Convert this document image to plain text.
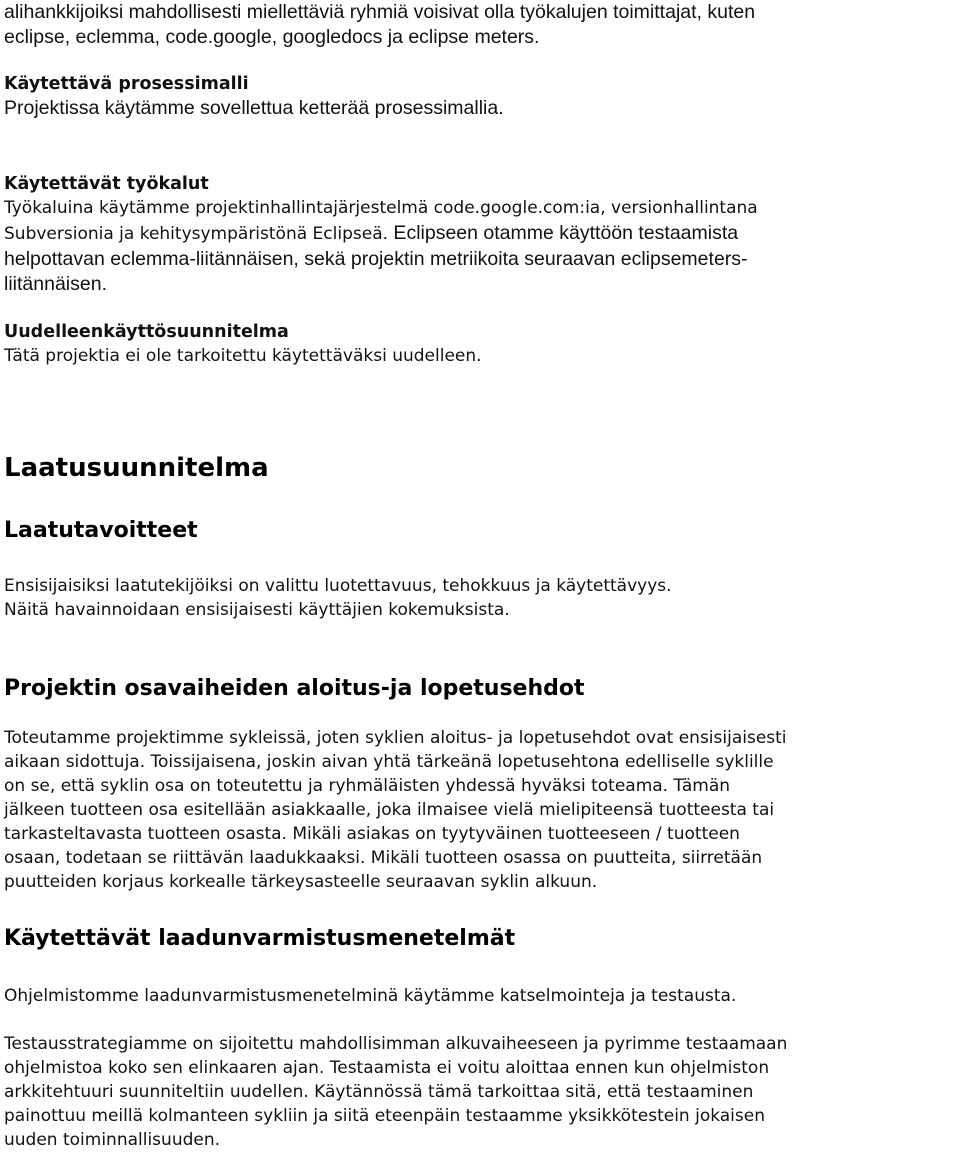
alihankkijoiksi mahdollisesti miellettäviä ryhmiä voisivat olla työkalujen toimittajat, kuten
eclipse, eclemma, code.google, googledocs ja eclipse meters.
Käytettävä prosessimalli
Projektissa käytämme sovellettua ketterää prosessimallia.
Käytettävät työkalut
Työkaluina käytämme projektinhallintajärjestelmä code.google.com:ia, versionhallintana
Subversionia ja kehitysympäristönä Eclipseä. Eclipseen otamme käyttöön testaamista
helpottavan eclemma-liitännäisen, sekä projektin metriikoita seuraavan eclipsemeters-
liitännäisen.
Uudelleenkäyttösuunnitelma
Tätä projektia ei ole tarkoitettu käytettäväksi uudelleen.
Laatusuunnitelma
Laatutavoitteet
Ensisijaisiksi laatutekijöiksi on valittu luotettavuus, tehokkuus ja käytettävyys.
Näitä havainnoidaan ensisijaisesti käyttäjien kokemuksista.
Projektin osavaiheiden aloitus-ja lopetusehdot
Toteutamme projektimme sykleissä, joten syklien aloitus- ja lopetusehdot ovat ensisijaisesti
aikaan sidottuja. Toissijaisena, joskin aivan yhtä tärkeänä lopetusehtona edelliselle syklille
on se, että syklin osa on toteutettu ja ryhmäläisten yhdessä hyväksi toteama. Tämän
jälkeen tuotteen osa esitellään asiakkaalle, joka ilmaisee vielä mielipiteensä tuotteesta tai
tarkasteltavasta tuotteen osasta. Mikäli asiakas on tyytyväinen tuotteeseen / tuotteen
osaan, todetaan se riittävän laadukkaaksi. Mikäli tuotteen osassa on puutteita, siirretään
puutteiden korjaus korkealle tärkeysasteelle seuraavan syklin alkuun.
Käytettävät laadunvarmistusmenetelmät
Ohjelmistomme laadunvarmistusmenetelminä käytämme katselmointeja ja testausta.
Testausstrategiamme on sijoitettu mahdollisimman alkuvaiheeseen ja pyrimme testaamaan
ohjelmistoa koko sen elinkaaren ajan. Testaamista ei voitu aloittaa ennen kun ohjelmiston
arkkitehtuuri suunniteltiin uudellen. Käytännössä tämä tarkoittaa sitä, että testaaminen
painottuu meillä kolmanteen sykliin ja siitä eteenpäin testaamme yksikkötestein jokaisen
uuden toiminnallisuuden.
